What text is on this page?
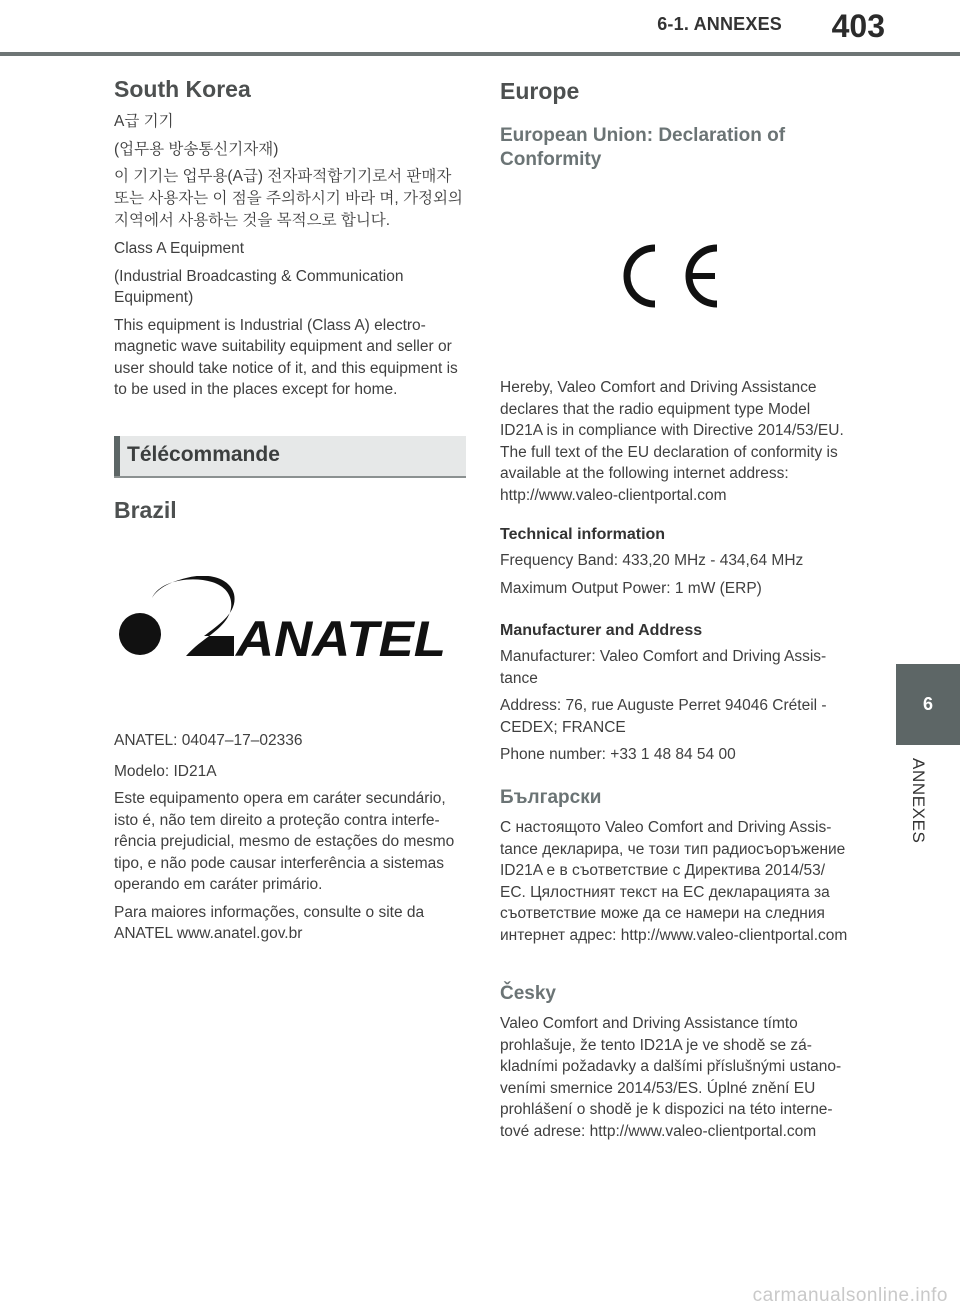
6-1. ANNEXES 403
6
ANNEXES
South Korea

A급 기기

(업무용 방송통신기자재)

이 기기는 업무용(A급) 전자파적합기기로서 판매자 또는 사용자는 이 점을 주의하시기 바라 며, 가정외의 지역에서 사용하는 것을 목적으로 합니다.

Class A Equipment

(Industrial Broadcasting & Communication Equipment)

This equipment is Industrial (Class A) electro-magnetic wave suitability equipment and seller or user should take notice of it, and this equipment is to be used in the places except for home.

Télécommande
Brazil
ANATEL

ANATEL: 04047–17–02336

Modelo: ID21A

Este equipamento opera em caráter secundário, isto é, não tem direito a proteção contra interfe-rência prejudicial, mesmo de estações do mesmo tipo, e não pode causar interferência a sistemas operando em caráter primário.

Para maiores informações, consulte o site da ANATEL www.anatel.gov.br

Europe
European Union: Declaration of Conformity

Hereby, Valeo Comfort and Driving Assistance declares that the radio equipment type Model ID21A is in compliance with Directive 2014/53/EU. The full text of the EU declaration of conformity is available at the following internet address: http://www.valeo-clientportal.com

Technical information

Frequency Band: 433,20 MHz - 434,64 MHz

Maximum Output Power: 1 mW (ERP)

Manufacturer and Address

Manufacturer: Valeo Comfort and Driving Assis-tance

Address: 76, rue Auguste Perret 94046 Créteil - CEDEX; FRANCE

Phone number: +33 1 48 84 54 00

Български

С настоящото Valeo Comfort and Driving Assis-tance декларира, че този тип радиосъоръжение ID21A е в съответствие с Директива 2014/53/ЕС. Цялостният текст на ЕС декларацията за съответствие може да се намери на следния интернет адрес: http://www.valeo-clientportal.com

Česky

Valeo Comfort and Driving Assistance tímto prohlašuje, že tento ID21A je ve shodě se zá-kladními požadavky a dalšími příslušnými ustano-veními smernice 2014/53/ES. Úplné znění EU prohlášení o shodě je k dispozici na této interne-tové adrese: http://www.valeo-clientportal.com

carmanualsonline.info
